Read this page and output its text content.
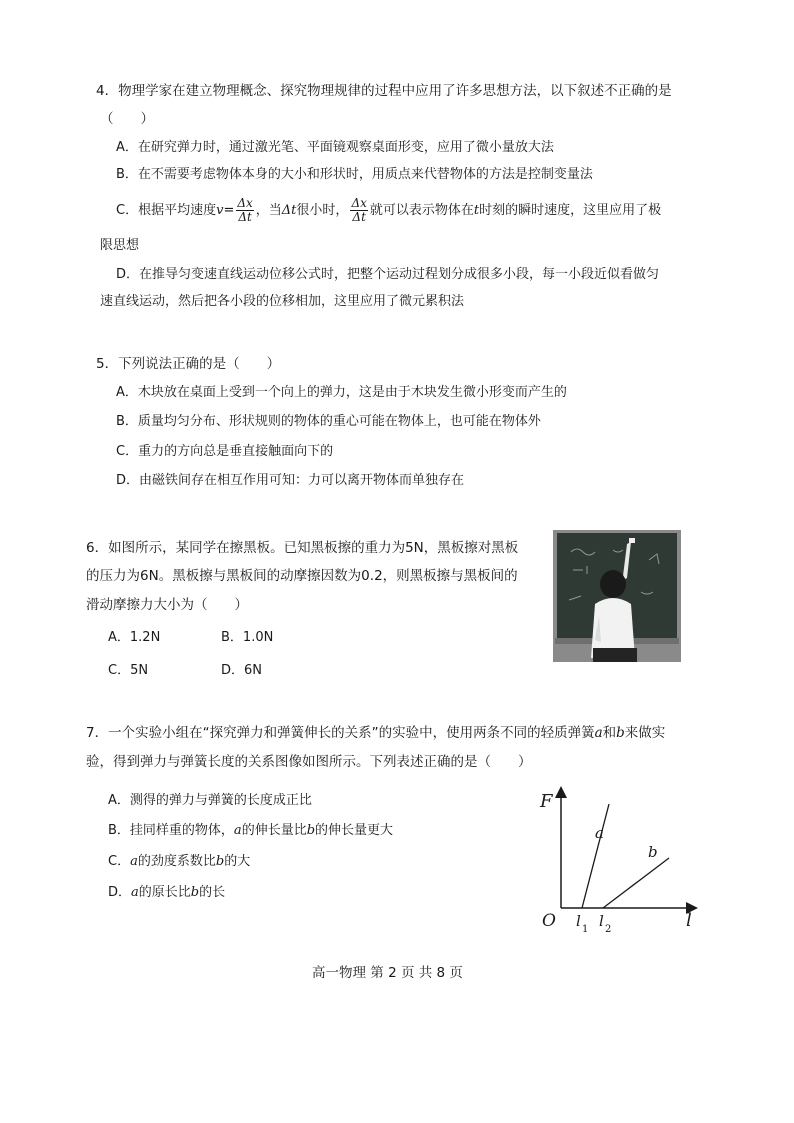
4．物理学家在建立物理概念、探究物理规律的过程中应用了许多思想方法，以下叙述不正确的是
（　　）
A．在研究弹力时，通过激光笔、平面镜观察桌面形变，应用了微小量放大法
B．在不需要考虑物体本身的大小和形状时，用质点来代替物体的方法是控制变量法
C．根据平均速度$v= \frac{\Delta x}{\Delta t}$ ，当Δt很小时， $\frac{\Delta x}{\Delta t}$ 就可以表示物体在t时刻的瞬时速度，这里应用了极
限思想
D．在推导匀变速直线运动位移公式时，把整个运动过程划分成很多小段，每一小段近似看做匀
速直线运动，然后把各小段的位移相加，这里应用了微元累积法
5．下列说法正确的是（　　）
A．木块放在桌面上受到一个向上的弹力，这是由于木块发生微小形变而产生的
B．质量均匀分布、形状规则的物体的重心可能在物体上，也可能在物体外
C．重力的方向总是垂直接触面向下的
D．由磁铁间存在相互作用可知：力可以离开物体而单独存在
6．如图所示，某同学在擦黑板。已知黑板擦的重力为5N，黑板擦对黑板
的压力为6N。黑板擦与黑板间的动摩擦因数为0.2，则黑板擦与黑板间的
滑动摩擦力大小为（　　）
A．1.2N	B．1.0N
C．5N	D．6N
7．一个实验小组在“探究弹力和弹簧伸长的关系”的实验中，使用两条不同的轻质弹簧a和b来做实
验，得到弹力与弹簧长度的关系图像如图所示。下列表述正确的是（　　）
A．测得的弹力与弹簧的长度成正比
B．挂同样重的物体，a的伸长量比b的伸长量更大
C．a的劲度系数比b的大
D．a的原长比b的长
F
l
O
a
b
l 1 l 2
高一物理 第 2 页 共 8 页
